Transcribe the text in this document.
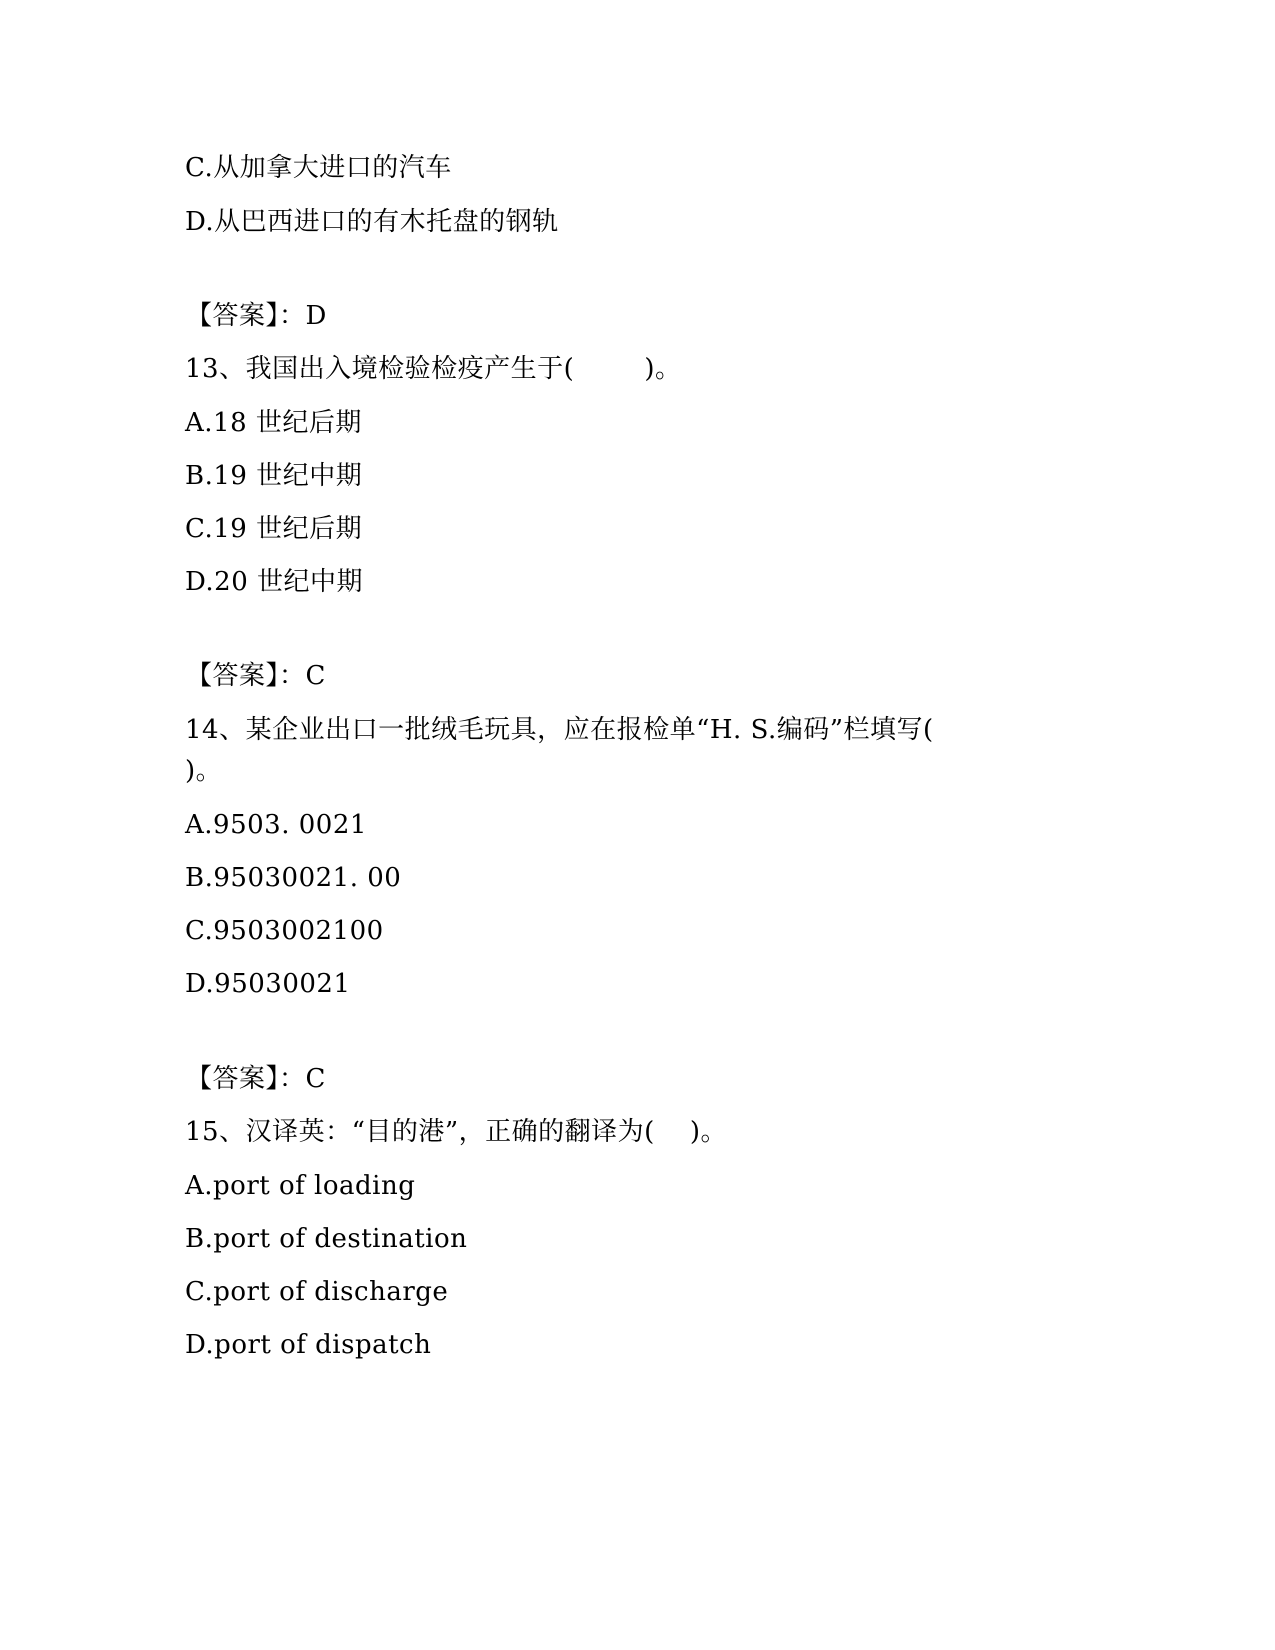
C.从加拿大进口的汽车
D.从巴西进口的有木托盘的钢轨
【答案】：D
13、我国出入境检验检疫产生于(        )。
A.18 世纪后期
B.19 世纪中期
C.19 世纪后期
D.20 世纪中期
【答案】：C
14、某企业出口一批绒毛玩具，应在报检单“H. S.编码”栏填写(
)。
A.9503. 0021
B.95030021. 00
C.9503002100
D.95030021
【答案】：C
15、汉译英：“目的港”，正确的翻译为(    )。
A.port of loading
B.port of destination
C.port of discharge
D.port of dispatch
